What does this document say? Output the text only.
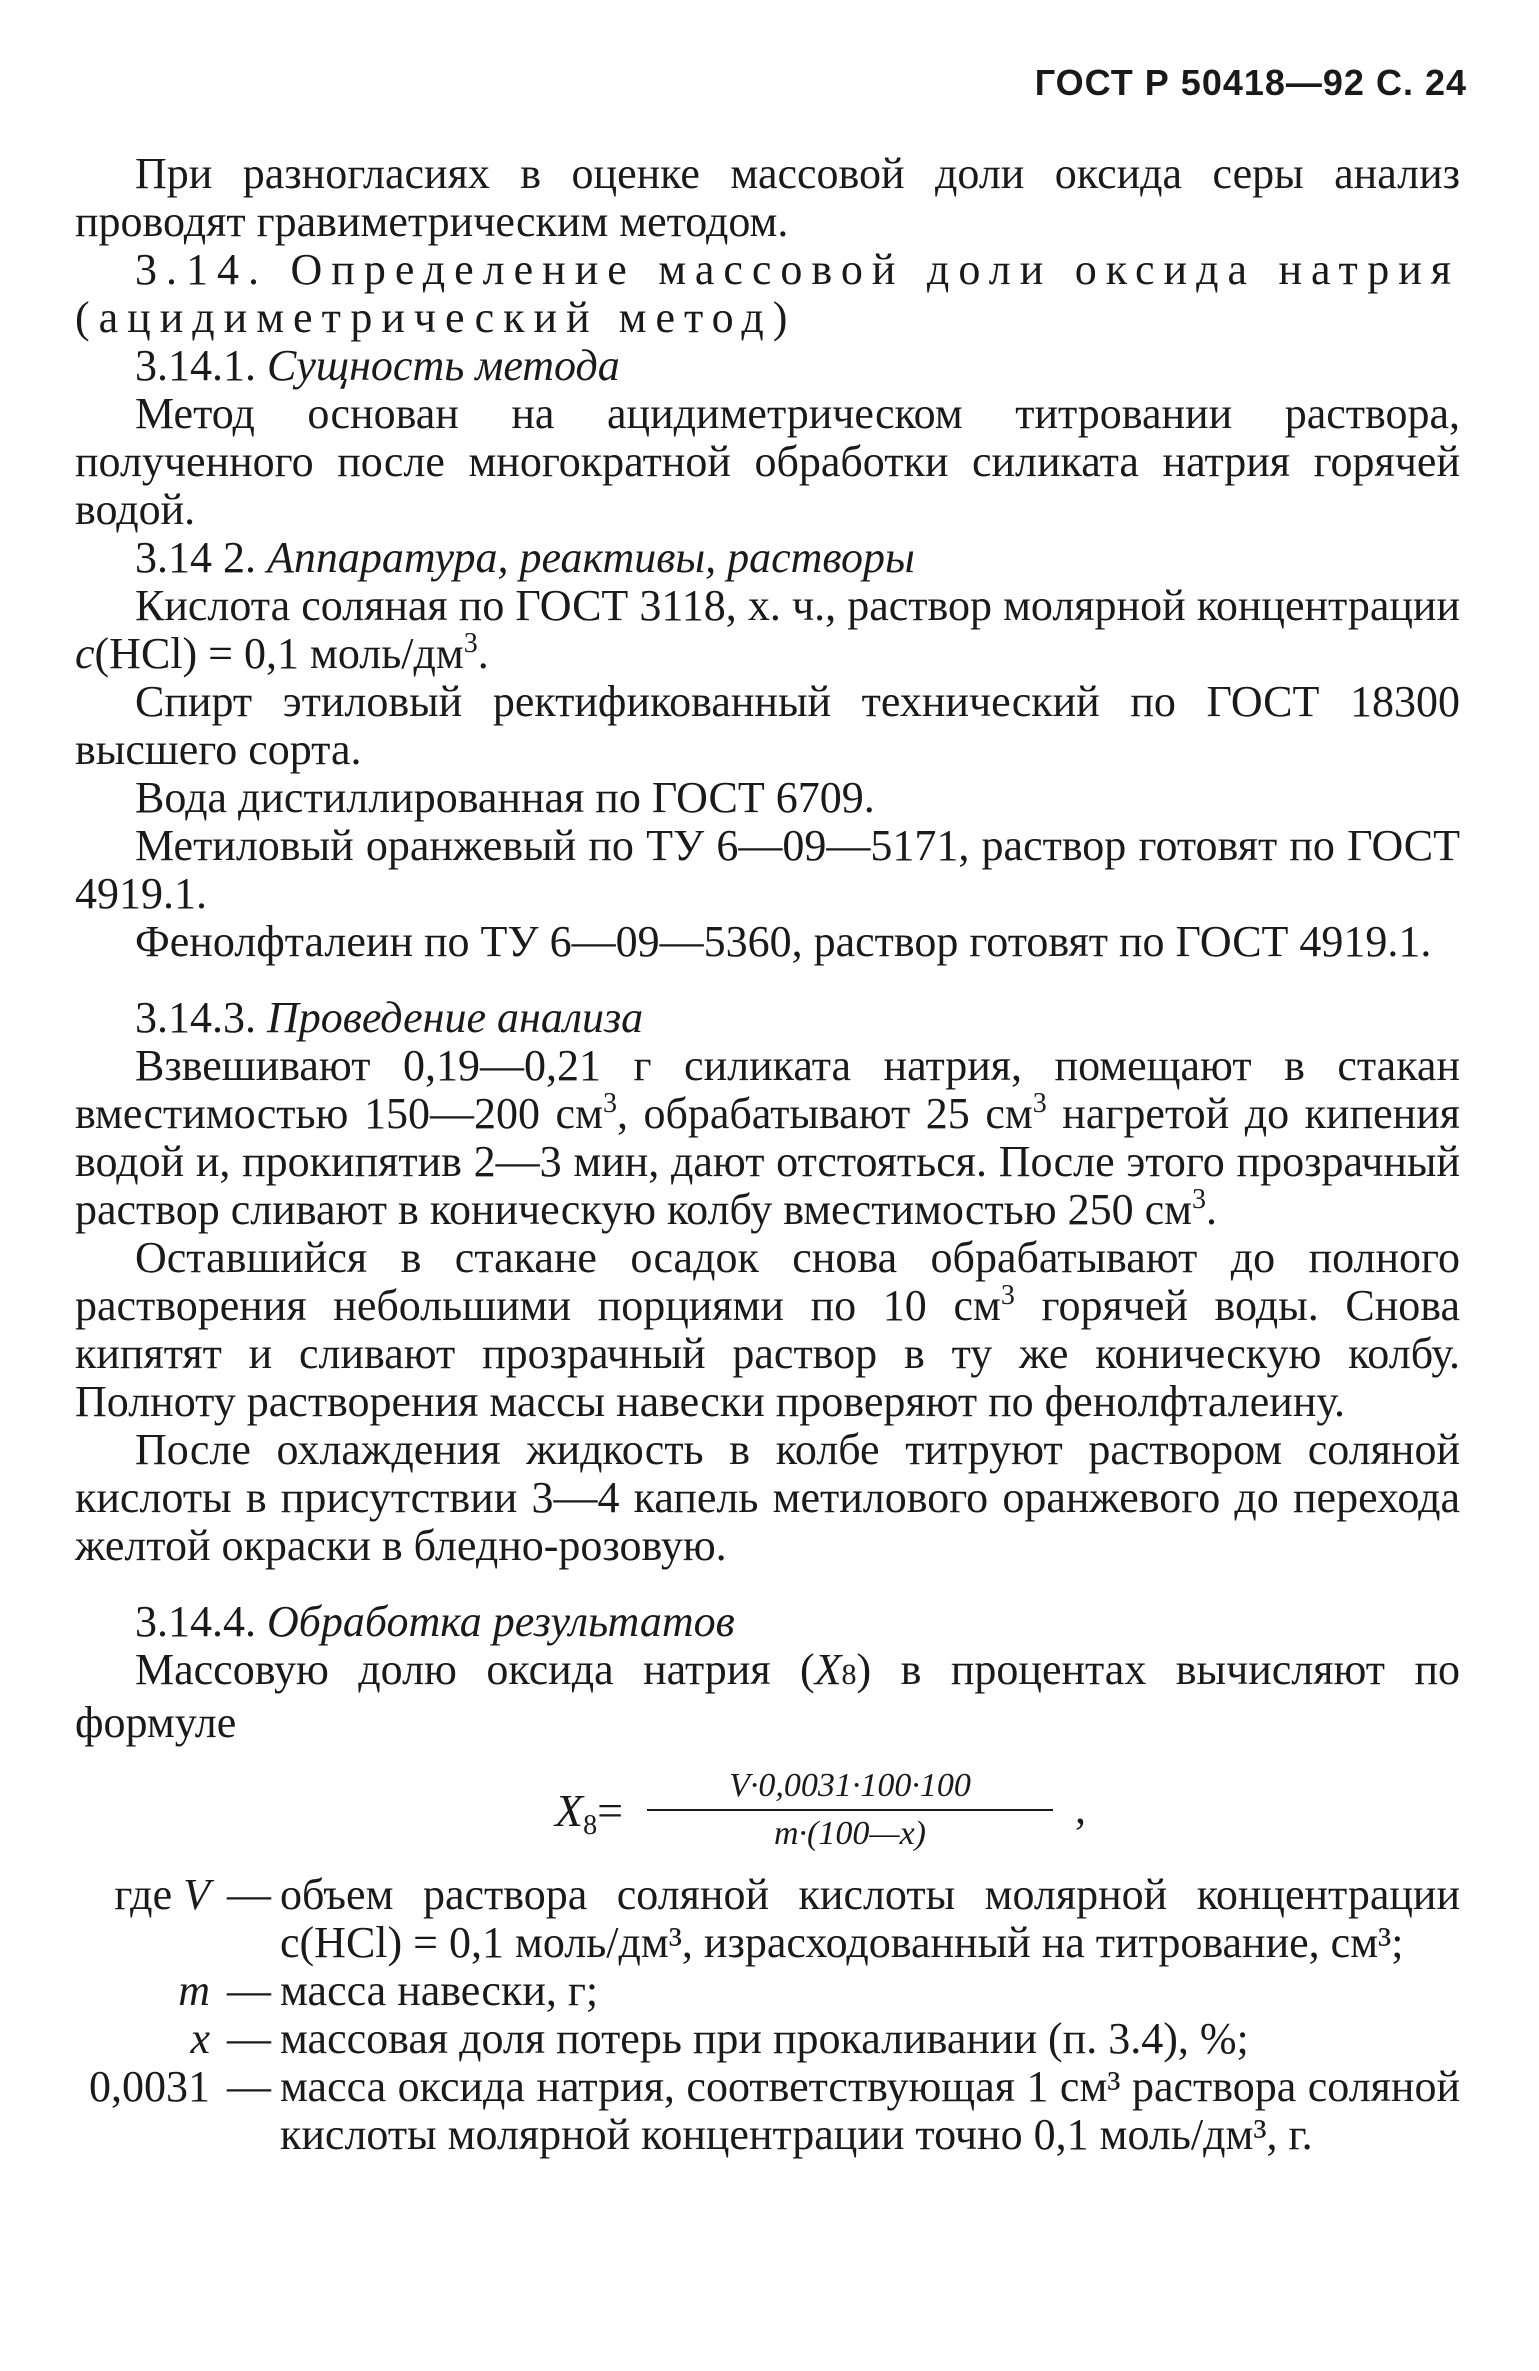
ГОСТ Р 50418—92 С. 24

При разногласиях в оценке массовой доли оксида серы анализ проводят гравиметрическим методом.

3.14. Определение массовой доли оксида натрия (ацидиметрический метод)

3.14.1. Сущность метода

Метод основан на ацидиметрическом титровании раствора, полученного после многократной обработки силиката натрия горячей водой.

3.14 2. Аппаратура, реактивы, растворы

Кислота соляная по ГОСТ 3118, х. ч., раствор молярной концентрации c(HCl) = 0,1 моль/$дм^3$.

Спирт этиловый ректификованный технический по ГОСТ 18300 высшего сорта.

Вода дистиллированная по ГОСТ 6709.

Метиловый оранжевый по ТУ 6—09—5171, раствор готовят по ГОСТ 4919.1.

Фенолфталеин по ТУ 6—09—5360, раствор готовят по ГОСТ 4919.1.

3.14.3. Проведение анализа

Взвешивают 0,19—0,21 г силиката натрия, помещают в стакан вместимостью 150—200 $см^3$, обрабатывают 25 $см^3$ нагретой до кипения водой и, прокипятив 2—3 мин, дают отстояться. После этого прозрачный раствор сливают в коническую колбу вместимостью 250 $см^3$.

Оставшийся в стакане осадок снова обрабатывают до полного растворения небольшими порциями по 10 $см^3$ горячей воды. Снова кипятят и сливают прозрачный раствор в ту же коническую колбу. Полноту растворения массы навески проверяют по фенолфталеину.

После охлаждения жидкость в колбе титруют раствором соляной кислоты в присутствии 3—4 капель метилового оранжевого до перехода желтой окраски в бледно-розовую.

3.14.4. Обработка результатов

Массовую долю оксида натрия (X8) в процентах вычисляют по формуле

$X_8= \frac{V\cdot 0,0031\cdot 100\cdot 100}{m\cdot(100—x)}$ ,
где V	—	объем раствора соляной кислоты молярной концентрации c(HCl) = 0,1 моль/дм³, израсходованный на титрование, см³;
m	—	масса навески, г;
x	—	массовая доля потерь при прокаливании (п. 3.4), %;
0,0031	—	масса оксида натрия, соответствующая 1 см³ раствора соляной кислоты молярной концентрации точно 0,1 моль/дм³, г.
